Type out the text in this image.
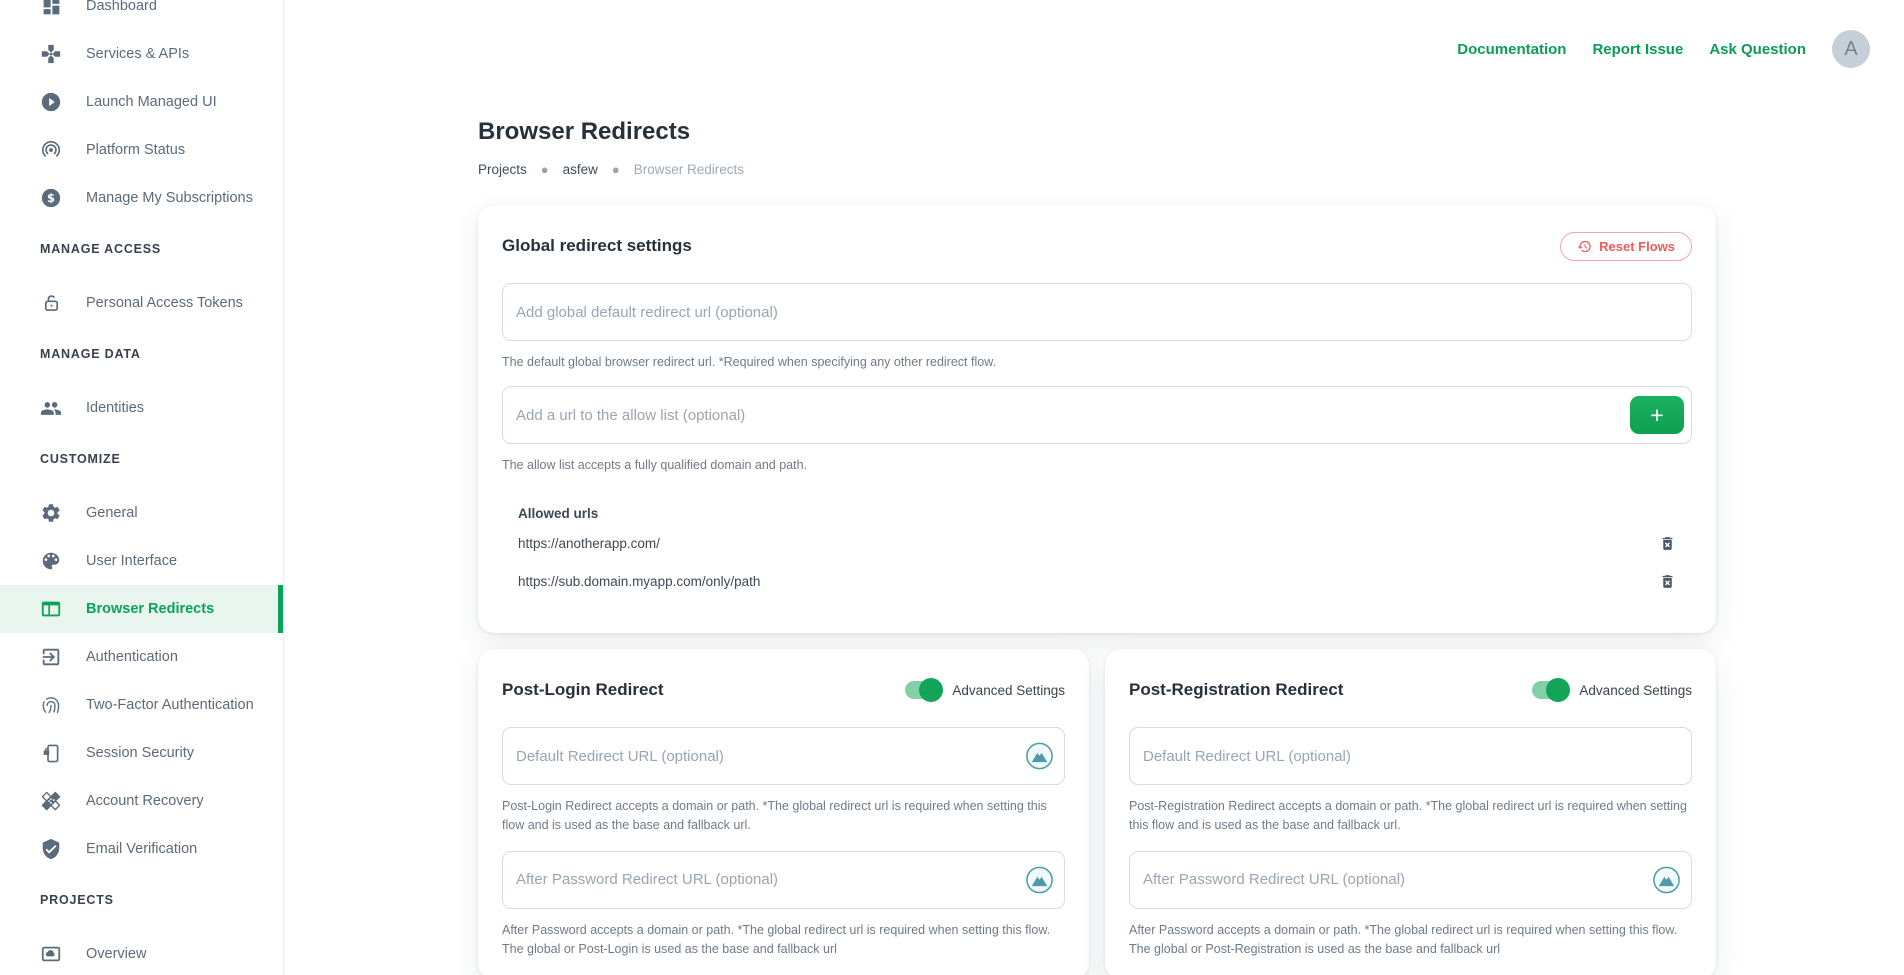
Dashboard
Services & APIs
Launch Managed UI
Platform Status
$ Manage My Subscriptions
MANAGE ACCESS
Personal Access Tokens
MANAGE DATA
Identities
CUSTOMIZE
General
User Interface
Browser Redirects
Authentication
Two-Factor Authentication
Session Security
Account Recovery
Email Verification
PROJECTS
Overview
Documentation Report Issue Ask Question	A
Browser Redirects
Projects ● asfew ● Browser Redirects
Global redirect settings	Reset Flows
Add global default redirect url (optional)
The default global browser redirect url. *Required when specifying any other redirect flow.
Add a url to the allow list (optional)
+
The allow list accepts a fully qualified domain and path.
Allowed urls
https://anotherapp.com/
https://sub.domain.myapp.com/only/path
Post-Login Redirect	Advanced Settings
Default Redirect URL (optional)
Post-Login Redirect accepts a domain or path. *The global redirect url is required when setting this flow and is used as the base and fallback url.
After Password Redirect URL (optional)
After Password accepts a domain or path. *The global redirect url is required when setting this flow. The global or Post-Login is used as the base and fallback url
Post-Registration Redirect	Advanced Settings
Default Redirect URL (optional)
Post-Registration Redirect accepts a domain or path. *The global redirect url is required when setting this flow and is used as the base and fallback url.
After Password Redirect URL (optional)
After Password accepts a domain or path. *The global redirect url is required when setting this flow. The global or Post-Registration is used as the base and fallback url
